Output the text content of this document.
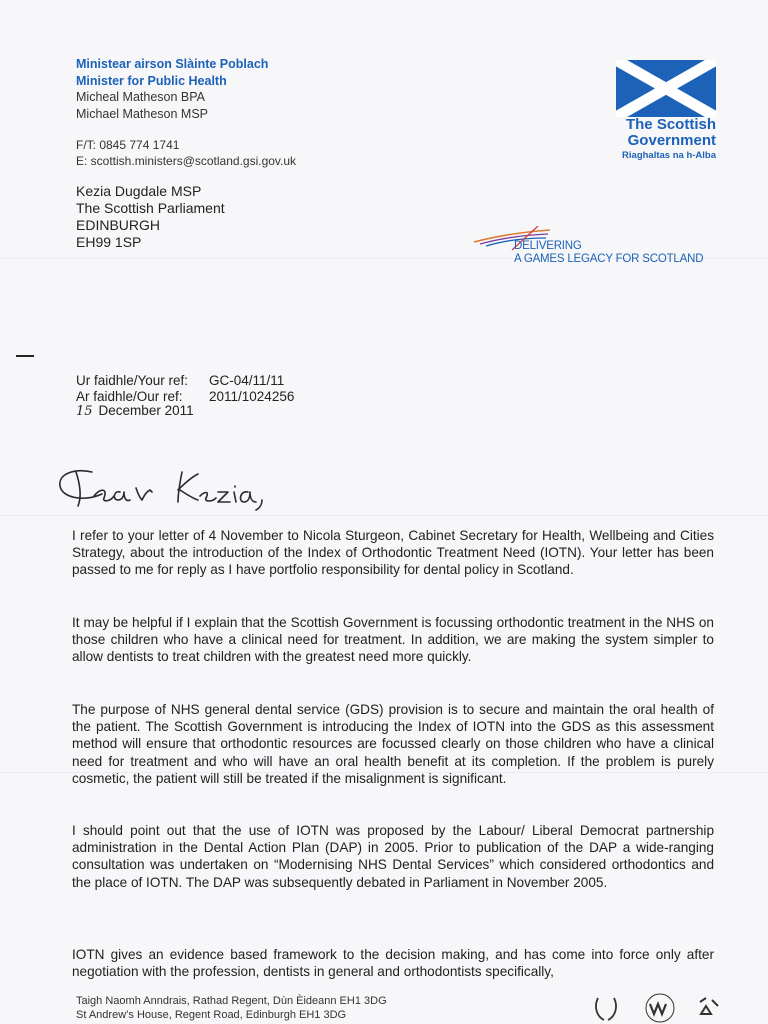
Ministear airson Slàinte Poblach
Minister for Public Health
Micheal Matheson BPA
Michael Matheson MSP
F/T: 0845 774 1741
E: scottish.ministers@scotland.gsi.gov.uk
The Scottish
Government
Riaghaltas na h-Alba
Kezia Dugdale MSP
The Scottish Parliament
EDINBURGH
EH99 1SP	DELIVERING
A GAMES LEGACY FOR SCOTLAND
Ur faidhle/Your ref: GC-04/11/11
Ar faidhle/Our ref: 2011/1024256
15 December 2011

I refer to your letter of 4 November to Nicola Sturgeon, Cabinet Secretary for Health, Wellbeing and Cities Strategy, about the introduction of the Index of Orthodontic Treatment Need (IOTN). Your letter has been passed to me for reply as I have portfolio responsibility for dental policy in Scotland.

It may be helpful if I explain that the Scottish Government is focussing orthodontic treatment in the NHS on those children who have a clinical need for treatment. In addition, we are making the system simpler to allow dentists to treat children with the greatest need more quickly.

The purpose of NHS general dental service (GDS) provision is to secure and maintain the oral health of the patient. The Scottish Government is introducing the Index of IOTN into the GDS as this assessment method will ensure that orthodontic resources are focussed clearly on those children who have a clinical need for treatment and who will have an oral health benefit at its completion. If the problem is purely cosmetic, the patient will still be treated if the misalignment is significant.

I should point out that the use of IOTN was proposed by the Labour/ Liberal Democrat partnership administration in the Dental Action Plan (DAP) in 2005. Prior to publication of the DAP a wide-ranging consultation was undertaken on “Modernising NHS Dental Services” which considered orthodontics and the place of IOTN. The DAP was subsequently debated in Parliament in November 2005.

IOTN gives an evidence based framework to the decision making, and has come into force only after negotiation with the profession, dentists in general and orthodontists specifically,

Taigh Naomh Anndrais, Rathad Regent, Dùn Èideann EH1 3DG
St Andrew’s House, Regent Road, Edinburgh EH1 3DG
